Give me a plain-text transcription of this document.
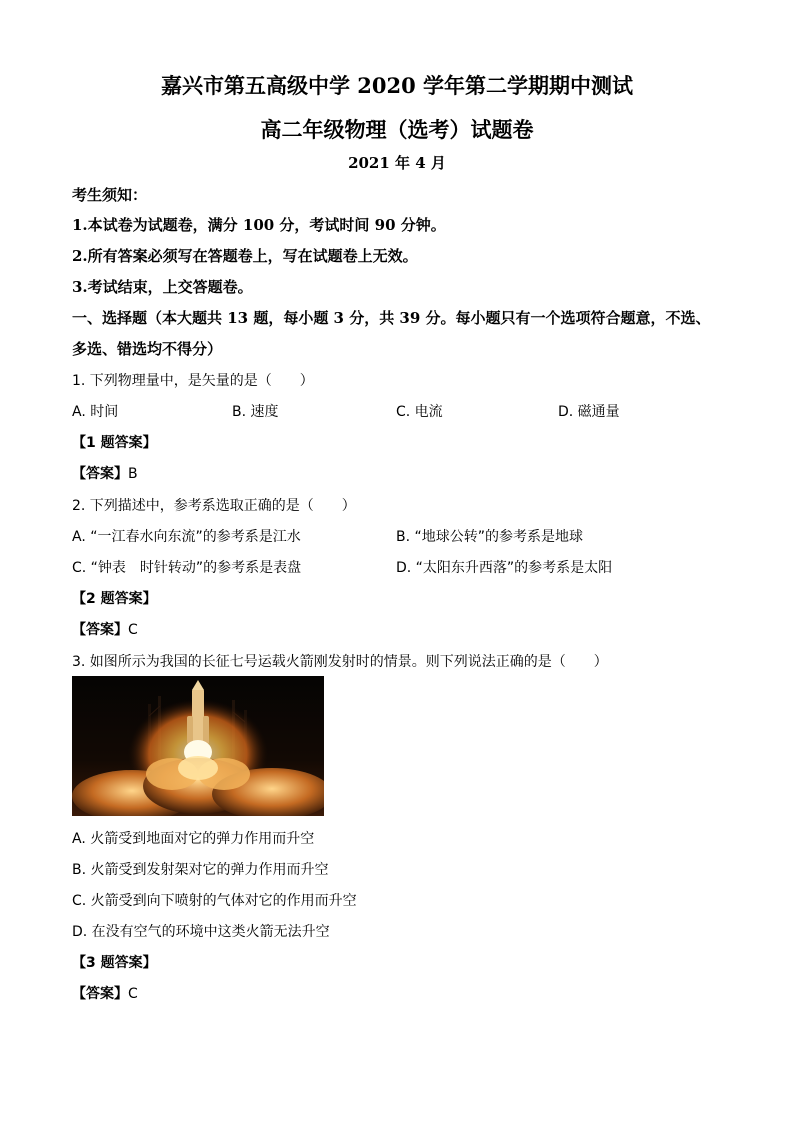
嘉兴市第五高级中学 2020 学年第二学期期中测试
高二年级物理（选考）试题卷
2021 年 4 月
考生须知：
1.本试卷为试题卷，满分 100 分，考试时间 90 分钟。
2.所有答案必须写在答题卷上，写在试题卷上无效。
3.考试结束，上交答题卷。
一、选择题（本大题共 13 题，每小题 3 分，共 39 分。每小题只有一个选项符合题意，不选、
多选、错选均不得分）
1. 下列物理量中，是矢量的是（　　）
A. 时间	B. 速度	C. 电流	D. 磁通量
【1 题答案】
【答案】B
2. 下列描述中，参考系选取正确的是（　　）
A. “一江春水向东流”的参考系是江水	B. “地球公转”的参考系是地球
C. “钟表　时针转动”的参考系是表盘	D. “太阳东升西落”的参考系是太阳
【2 题答案】
【答案】C
3. 如图所示为我国的长征七号运载火箭刚发射时的情景。则下列说法正确的是（　　）
A. 火箭受到地面对它的弹力作用而升空
B. 火箭受到发射架对它的弹力作用而升空
C. 火箭受到向下喷射的气体对它的作用而升空
D. 在没有空气的环境中这类火箭无法升空
【3 题答案】
【答案】C
